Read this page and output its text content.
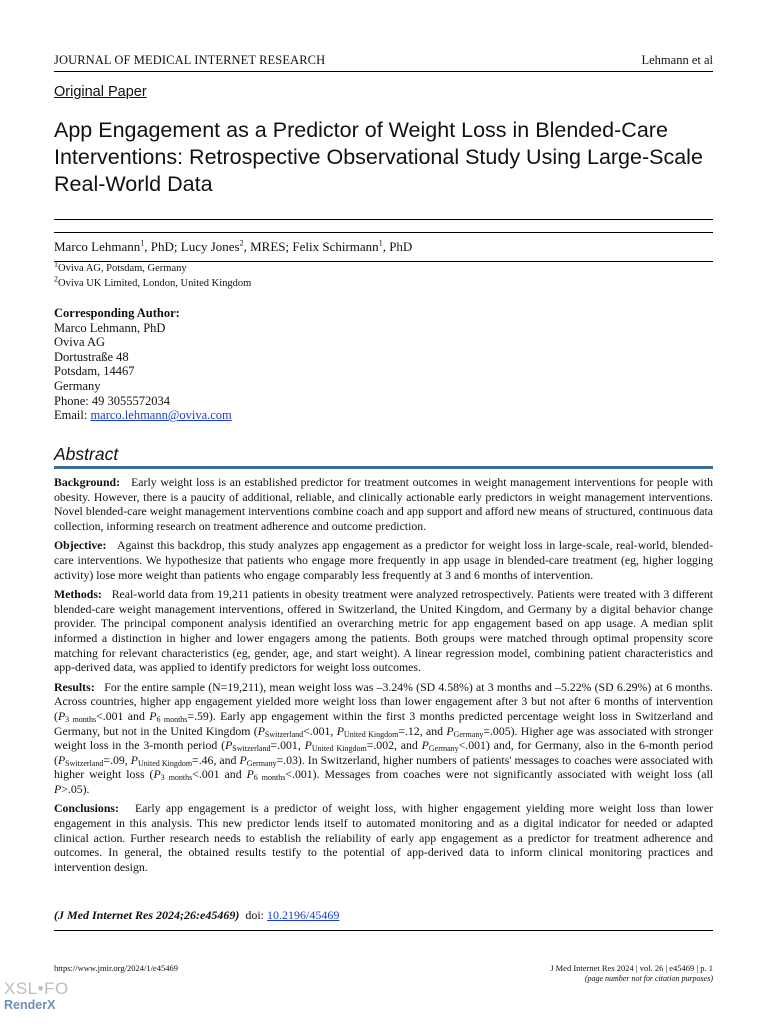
JOURNAL OF MEDICAL INTERNET RESEARCH	Lehmann et al
Original Paper
App Engagement as a Predictor of Weight Loss in Blended-Care Interventions: Retrospective Observational Study Using Large-Scale Real-World Data
Marco Lehmann$^1$, PhD; Lucy Jones$^2$, MRES; Felix Schirmann$^1$, PhD
$^1$Oviva AG, Potsdam, Germany
$^2$Oviva UK Limited, London, United Kingdom
Corresponding Author:
Marco Lehmann, PhD
Oviva AG
Dortustraße 48
Potsdam, 14467
Germany
Phone: 49 3055572034
Email: marco.lehmann@oviva.com
Abstract

Background: Early weight loss is an established predictor for treatment outcomes in weight management interventions for people with obesity. However, there is a paucity of additional, reliable, and clinically actionable early predictors in weight management interventions. Novel blended-care weight management interventions combine coach and app support and afford new means of structured, continuous data collection, informing research on treatment adherence and outcome prediction.

Objective: Against this backdrop, this study analyzes app engagement as a predictor for weight loss in large-scale, real-world, blended-care interventions. We hypothesize that patients who engage more frequently in app usage in blended-care treatment (eg, higher logging activity) lose more weight than patients who engage comparably less frequently at 3 and 6 months of intervention.

Methods: Real-world data from 19,211 patients in obesity treatment were analyzed retrospectively. Patients were treated with 3 different blended-care weight management interventions, offered in Switzerland, the United Kingdom, and Germany by a digital behavior change provider. The principal component analysis identified an overarching metric for app engagement based on app usage. A median split informed a distinction in higher and lower engagers among the patients. Both groups were matched through optimal propensity score matching for relevant characteristics (eg, gender, age, and start weight). A linear regression model, combining patient characteristics and app-derived data, was applied to identify predictors for weight loss outcomes.

Results: For the entire sample (N=19,211), mean weight loss was –3.24% (SD 4.58%) at 3 months and –5.22% (SD 6.29%) at 6 months. Across countries, higher app engagement yielded more weight loss than lower engagement after 3 but not after 6 months of intervention ($P_{3 months}<.001$ and $P_{6 months}=.59$). Early app engagement within the first 3 months predicted percentage weight loss in Switzerland and Germany, but not in the United Kingdom ($P_{Switzerland}<.001$, $P_{United Kingdom}=.12$, and $P_{Germany}=.005$). Higher age was associated with stronger weight loss in the 3-month period ($P_{Switzerland}=.001$, $P_{United Kingdom}=.002$, and $P_{Germany}<.001$) and, for Germany, also in the 6-month period ($P_{Switzerland}=.09$, $P_{United Kingdom}=.46$, and $P_{Germany}=.03$). In Switzerland, higher numbers of patients' messages to coaches were associated with higher weight loss ($P_{3 months}<.001$ and $P_{6 months}<.001$). Messages from coaches were not significantly associated with weight loss (all P>.05).

Conclusions: Early app engagement is a predictor of weight loss, with higher engagement yielding more weight loss than lower engagement in this analysis. This new predictor lends itself to automated monitoring and as a digital indicator for needed or adapted clinical action. Further research needs to establish the reliability of early app engagement as a predictor for treatment adherence and outcomes. In general, the obtained results testify to the potential of app-derived data to inform clinical monitoring practices and intervention design.

(J Med Internet Res 2024;26:e45469) doi: 10.2196/45469
https://www.jmir.org/2024/1/e45469	J Med Internet Res 2024 | vol. 26 | e45469 | p. 1
(page number not for citation purposes)
XSL•FO
RenderX
